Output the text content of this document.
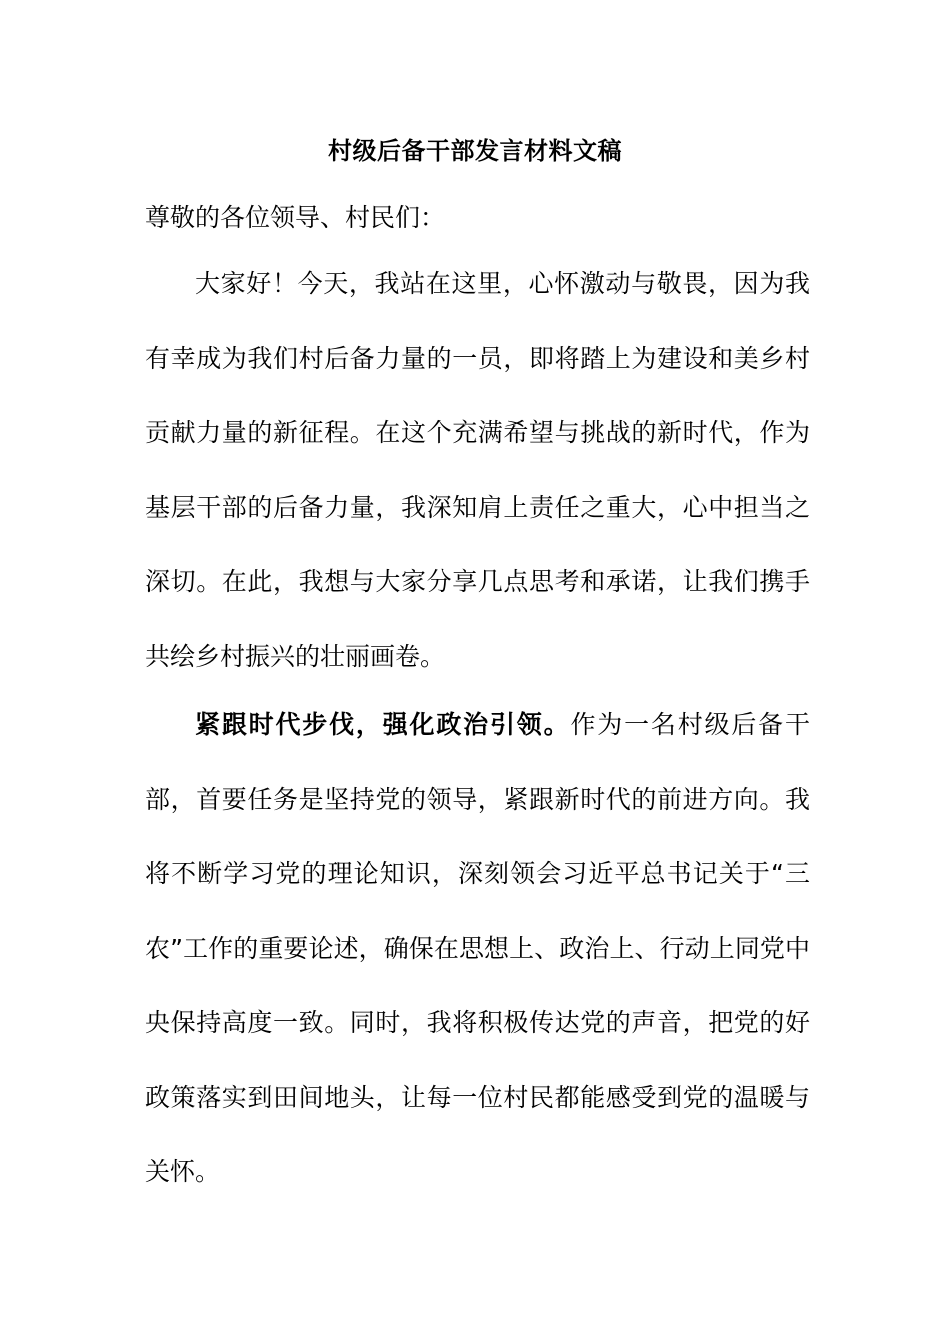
村级后备干部发言材料文稿
尊敬的各位领导、村民们：

大家好！今天，我站在这里，心怀激动与敬畏，因为我有幸成为我们村后备力量的一员，即将踏上为建设和美乡村贡献力量的新征程。在这个充满希望与挑战的新时代，作为基层干部的后备力量，我深知肩上责任之重大，心中担当之深切。在此，我想与大家分享几点思考和承诺，让我们携手共绘乡村振兴的壮丽画卷。

紧跟时代步伐，强化政治引领。作为一名村级后备干部，首要任务是坚持党的领导，紧跟新时代的前进方向。我将不断学习党的理论知识，深刻领会习近平总书记关于“三农”工作的重要论述，确保在思想上、政治上、行动上同党中央保持高度一致。同时，我将积极传达党的声音，把党的好政策落实到田间地头，让每一位村民都能感受到党的温暖与关怀。
